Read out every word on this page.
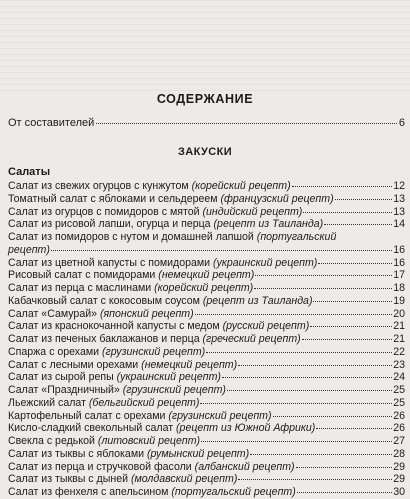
СОДЕРЖАНИЕ
От составителей	6
ЗАКУСКИ
Салаты
Салат из свежих огурцов с кунжутом (корейский рецепт)	12
Томатный салат с яблоками и сельдереем (французский рецепт)	13
Салат из огурцов с помидоров с мятой (индийский рецепт)	13
Салат из рисовой лапши, огурца и перца (рецепт из Таиланда)	14
Салат из помидоров с нутом и домашней лапшой (португальский
рецепт)	16
Салат из цветной капусты с помидорами (украинский рецепт)	16
Рисовый салат с помидорами (немецкий рецепт)	17
Салат из перца с маслинами (корейский рецепт)	18
Кабачковый салат с кокосовым соусом (рецепт из Таиланда)	19
Салат «Самурай» (японский рецепт)	20
Салат из краснокочанной капусты с медом (русский рецепт)	21
Салат из печеных баклажанов и перца (греческий рецепт)	21
Спаржа с орехами (грузинский рецепт)	22
Салат с лесными орехами (немецкий рецепт)	23
Салат из сырой репы (украинский рецепт)	24
Салат «Праздничный» (грузинский рецепт)	25
Льежский салат (бельгийский рецепт)	25
Картофельный салат с орехами (грузинский рецепт)	26
Кисло-сладкий свекольный салат (рецепт из Южной Африки)	26
Свекла с редькой (литовский рецепт)	27
Салат из тыквы с яблоками (румынский рецепт)	28
Салат из перца и стручковой фасоли (албанский рецепт)	29
Салат из тыквы с дыней (молдавский рецепт)	29
Салат из фенхеля с апельсином (португальский рецепт)	30
